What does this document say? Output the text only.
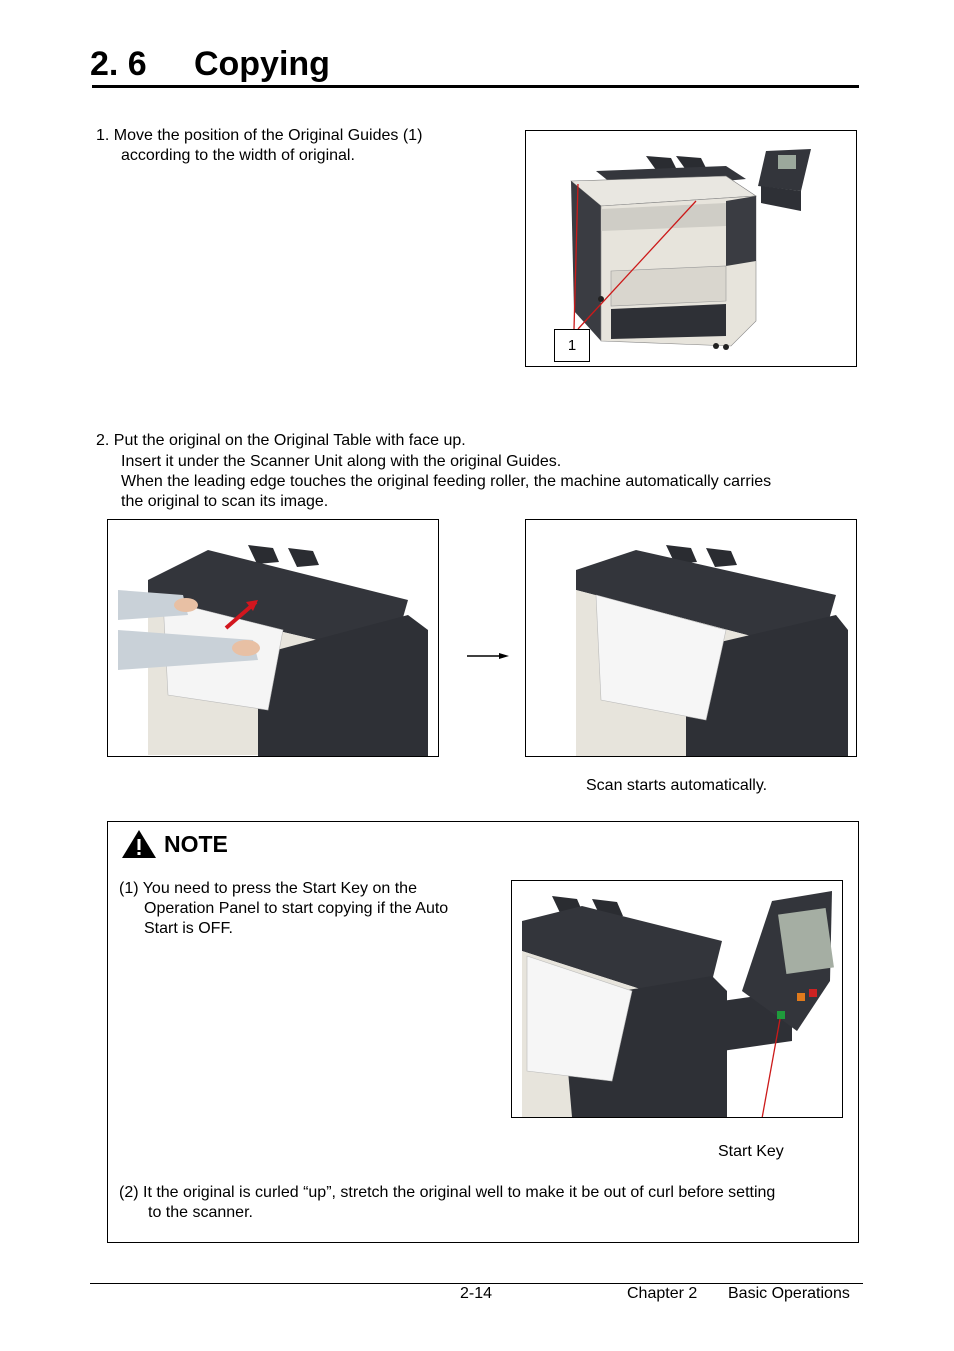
2. 6 Copying
1. Move the position of the Original Guides (1)
according to the width of original.
1
2. Put the original on the Original Table with face up.
Insert it under the Scanner Unit along with the original Guides.
When the leading edge touches the original feeding roller, the machine automatically carries
the original to scan its image.
Scan starts automatically.
NOTE
(1) You need to press the Start Key on the
Operation Panel to start copying if the Auto
Start is OFF.
Start Key
(2) It the original is curled “up”, stretch the original well to make it be out of curl before setting
to the scanner.
2-14	Chapter 2 Basic Operations
